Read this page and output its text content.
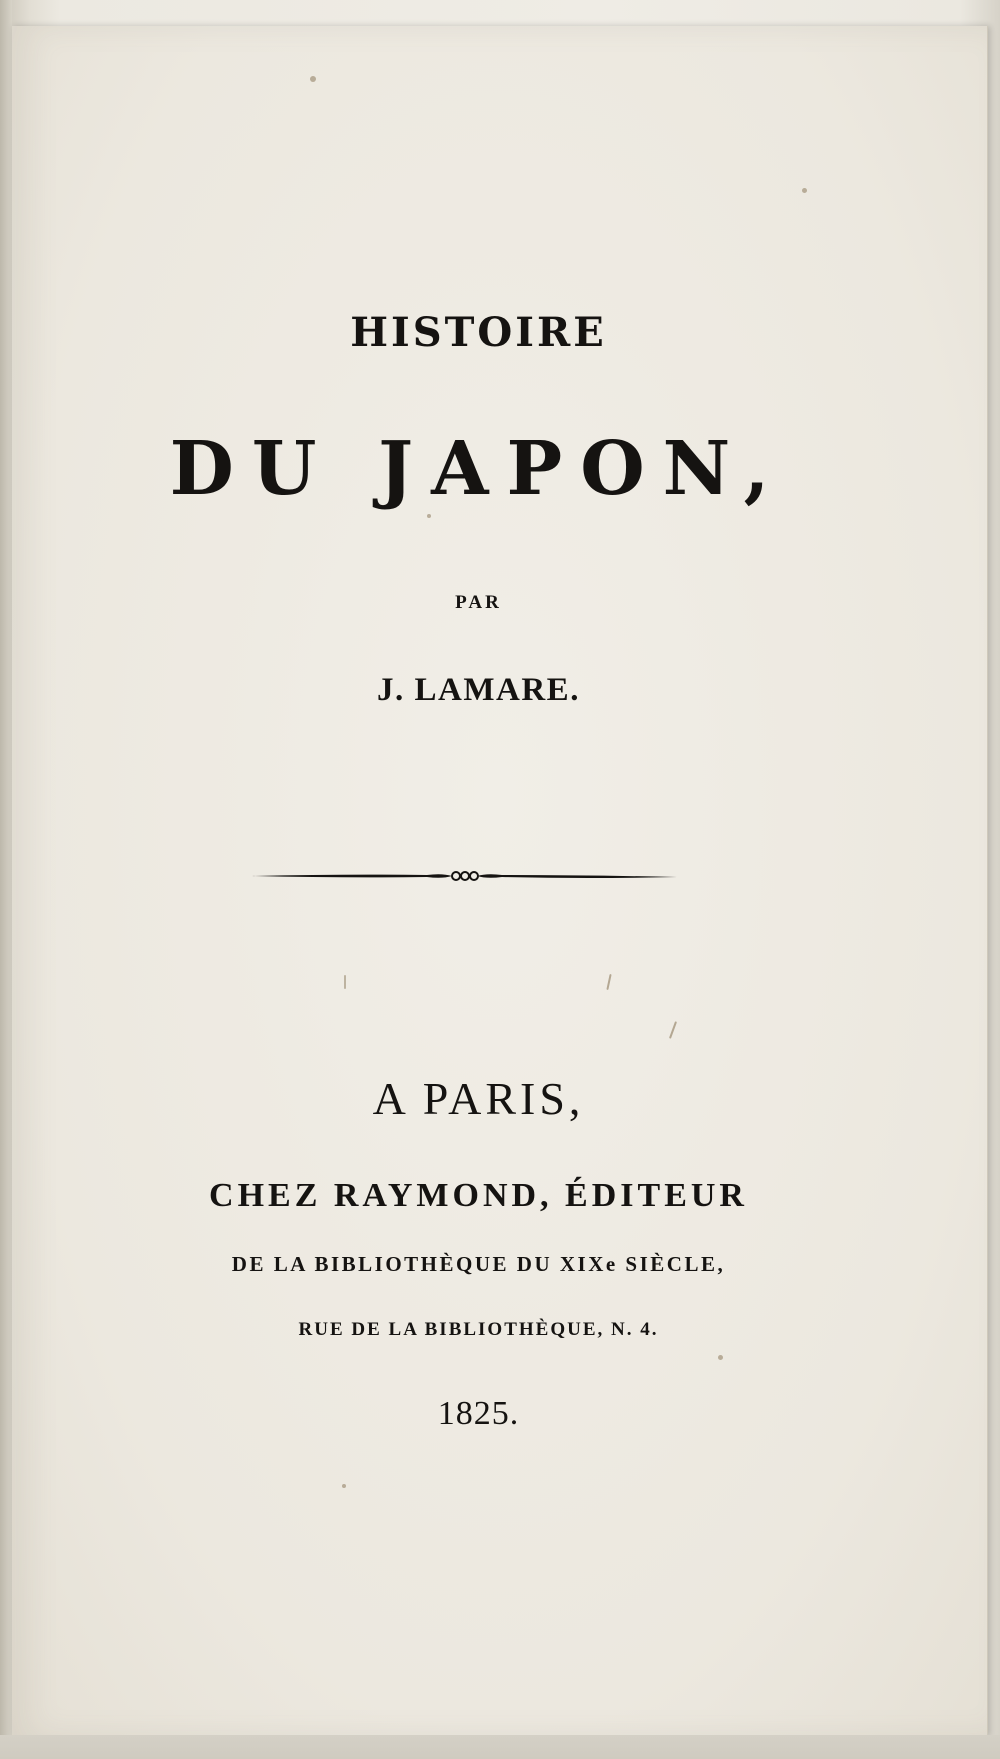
HISTOIRE
DU JAPON,
PAR
J. LAMARE.
A PARIS,
CHEZ RAYMOND, ÉDITEUR
DE LA BIBLIOTHÈQUE DU XIXe SIÈCLE,
RUE DE LA BIBLIOTHÈQUE, N. 4.
1825.
